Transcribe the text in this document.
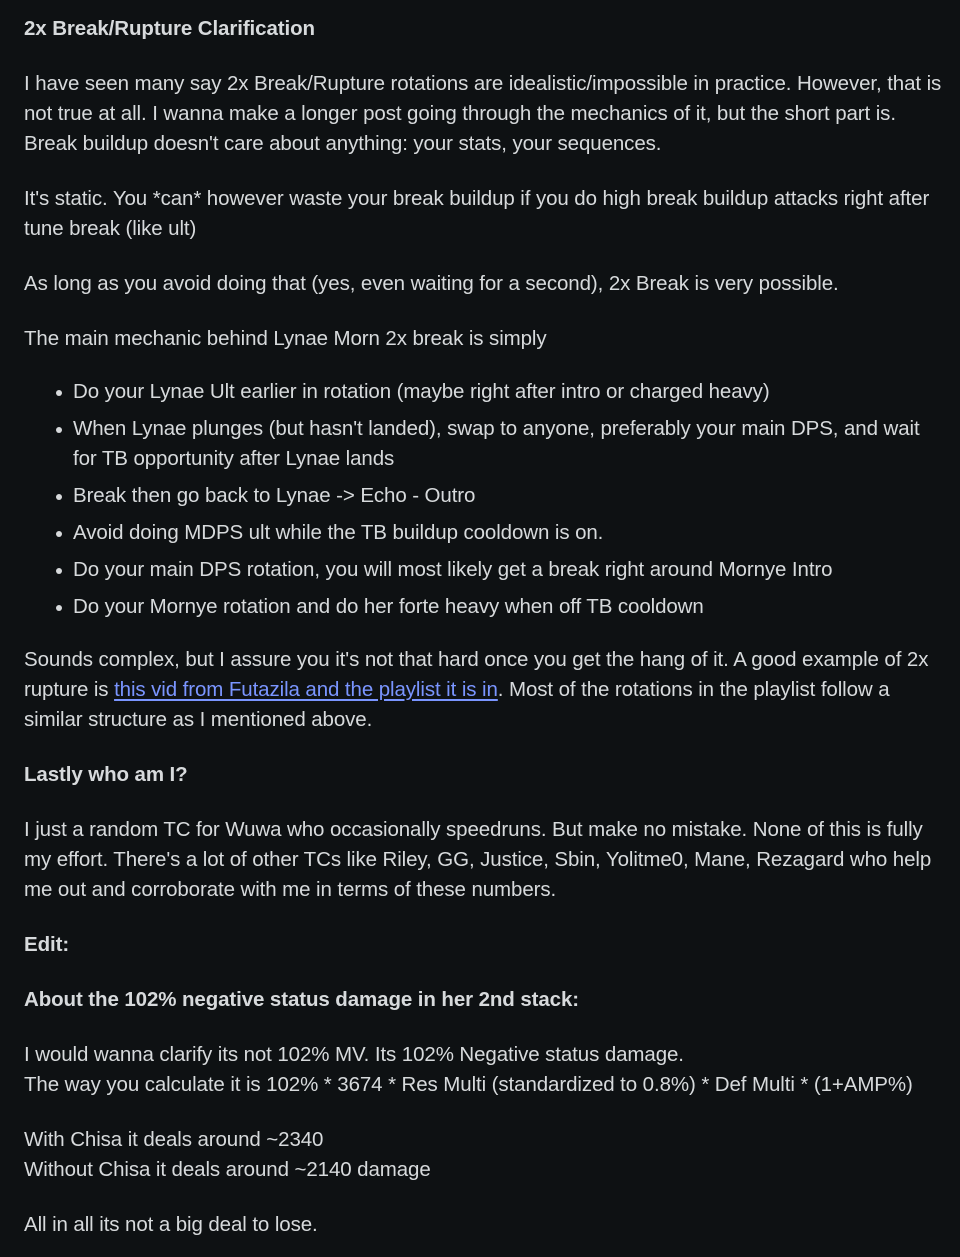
2x Break/Rupture Clarification

I have seen many say 2x Break/Rupture rotations are idealistic/impossible in practice. However, that is not true at all. I wanna make a longer post going through the mechanics of it, but the short part is. Break buildup doesn't care about anything: your stats, your sequences.

It's static. You *can* however waste your break buildup if you do high break buildup attacks right after tune break (like ult)

As long as you avoid doing that (yes, even waiting for a second), 2x Break is very possible.

The main mechanic behind Lynae Morn 2x break is simply

Do your Lynae Ult earlier in rotation (maybe right after intro or charged heavy)
When Lynae plunges (but hasn't landed), swap to anyone, preferably your main DPS, and wait for TB opportunity after Lynae lands
Break then go back to Lynae -> Echo - Outro
Avoid doing MDPS ult while the TB buildup cooldown is on.
Do your main DPS rotation, you will most likely get a break right around Mornye Intro
Do your Mornye rotation and do her forte heavy when off TB cooldown

Sounds complex, but I assure you it's not that hard once you get the hang of it. A good example of 2x rupture is this vid from Futazila and the playlist it is in. Most of the rotations in the playlist follow a similar structure as I mentioned above.

Lastly who am I?

I just a random TC for Wuwa who occasionally speedruns. But make no mistake. None of this is fully my effort. There's a lot of other TCs like Riley, GG, Justice, Sbin, Yolitme0, Mane, Rezagard who help me out and corroborate with me in terms of these numbers.

Edit:

About the 102% negative status damage in her 2nd stack:

I would wanna clarify its not 102% MV. Its 102% Negative status damage.
The way you calculate it is 102% * 3674 * Res Multi (standardized to 0.8%) * Def Multi * (1+AMP%)

With Chisa it deals around ~2340
Without Chisa it deals around ~2140 damage

All in all its not a big deal to lose.
